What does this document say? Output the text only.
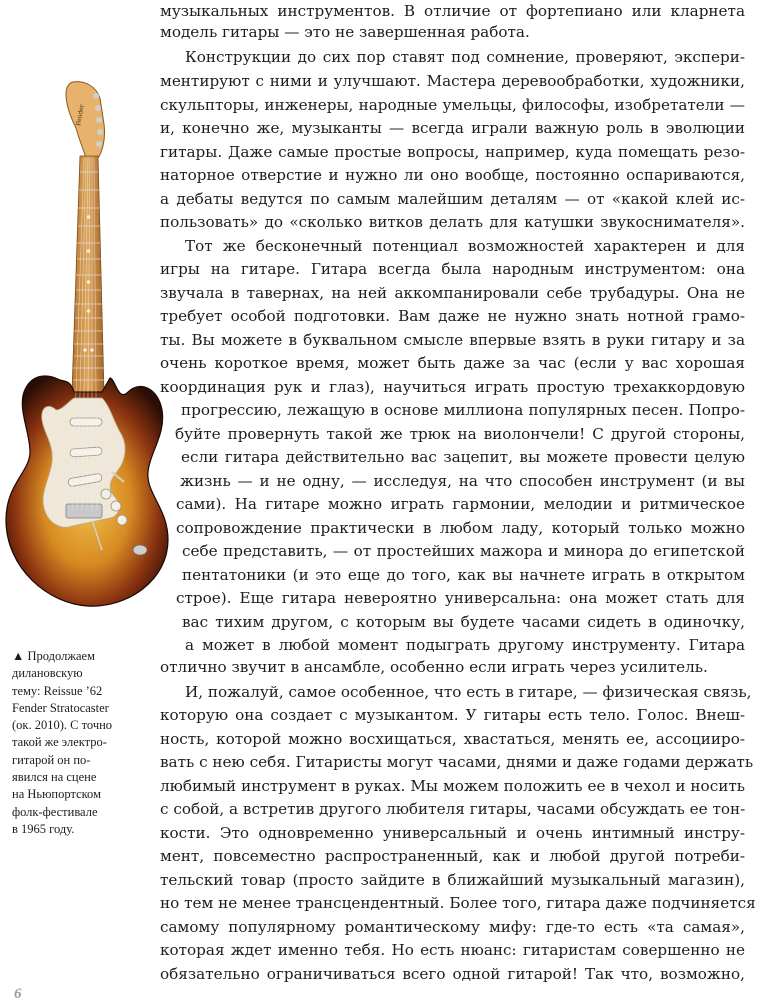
Fender
▲ Продолжаем
дилановскую
тему: Reissue ’62
Fender Stratocaster
(ок. 2010). С точно
такой же электро-
гитарой он по-
явился на сцене
на Ньюпортском
фолк-фестивале
в 1965 году.
музыкальных инструментов. В отличие от фортепиано или кларнета
модель гитары — это не завершенная работа.
Конструкции до сих пор ставят под сомнение, проверяют, экспери-
ментируют с ними и улучшают. Мастера деревообработки, художники,
скульпторы, инженеры, народные умельцы, философы, изобретатели —
и, конечно же, музыканты — всегда играли важную роль в эволюции
гитары. Даже самые простые вопросы, например, куда помещать резо-
наторное отверстие и нужно ли оно вообще, постоянно оспариваются,
а дебаты ведутся по самым малейшим деталям — от «какой клей ис-
пользовать» до «сколько витков делать для катушки звукоснимателя».
Тот же бесконечный потенциал возможностей характерен и для
игры на гитаре. Гитара всегда была народным инструментом: она
звучала в тавернах, на ней аккомпанировали себе трубадуры. Она не
требует особой подготовки. Вам даже не нужно знать нотной грамо-
ты. Вы можете в буквальном смысле впервые взять в руки гитару и за
очень короткое время, может быть даже за час (если у вас хорошая
координация рук и глаз), научиться играть простую трехаккордовую
прогрессию, лежащую в основе миллиона популярных песен. Попро-
буйте провернуть такой же трюк на виолончели! С другой стороны,
если гитара действительно вас зацепит, вы можете провести целую
жизнь — и не одну, — исследуя, на что способен инструмент (и вы
сами). На гитаре можно играть гармонии, мелодии и ритмическое
сопровождение практически в любом ладу, который только можно
себе представить, — от простейших мажора и минора до египетской
пентатоники (и это еще до того, как вы начнете играть в открытом
строе). Еще гитара невероятно универсальна: она может стать для
вас тихим другом, с которым вы будете часами сидеть в одиночку,
а может в любой момент подыграть другому инструменту. Гитара
отлично звучит в ансамбле, особенно если играть через усилитель.
И, пожалуй, самое особенное, что есть в гитаре, — физическая связь,
которую она создает с музыкантом. У гитары есть тело. Голос. Внеш-
ность, которой можно восхищаться, хвастаться, менять ее, ассоцииро-
вать с нею себя. Гитаристы могут часами, днями и даже годами держать
любимый инструмент в руках. Мы можем положить ее в чехол и носить
с собой, а встретив другого любителя гитары, часами обсуждать ее тон-
кости. Это одновременно универсальный и очень интимный инстру-
мент, повсеместно распространенный, как и любой другой потреби-
тельский товар (просто зайдите в ближайший музыкальный магазин),
но тем не менее трансцендентный. Более того, гитара даже подчиняется
самому популярному романтическому мифу: где-то есть «та самая»,
которая ждет именно тебя. Но есть нюанс: гитаристам совершенно не
обязательно ограничиваться всего одной гитарой! Так что, возможно,
6
